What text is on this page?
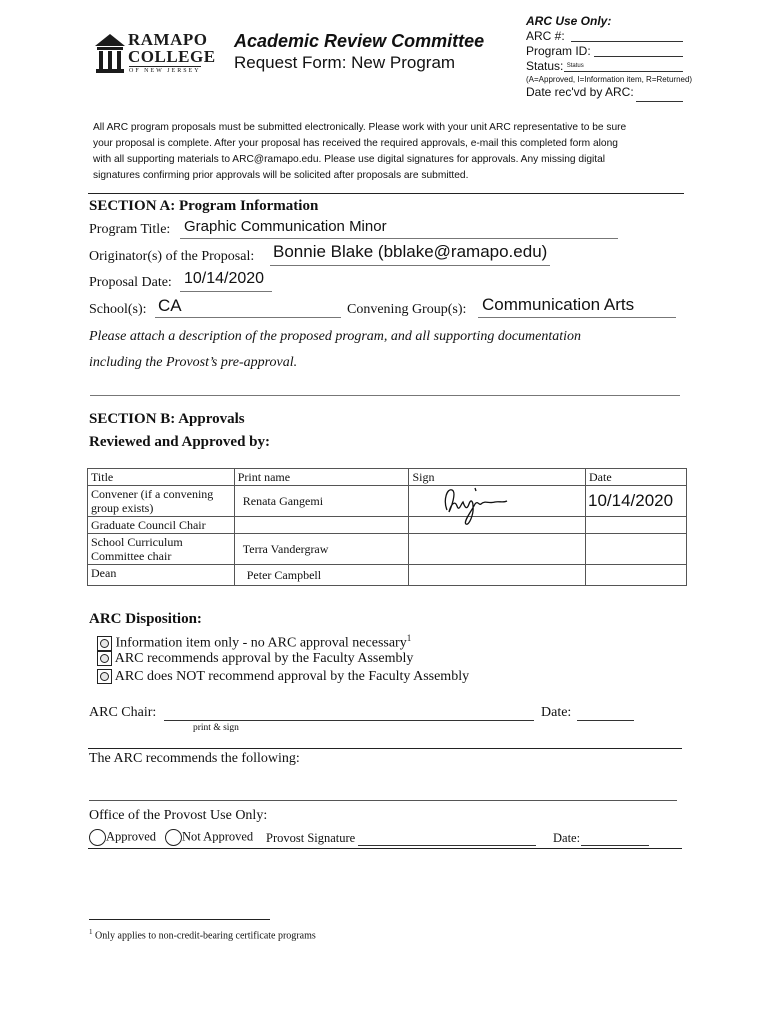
RAMAPO
COLLEGE
OF NEW JERSEY
Academic Review Committee
Request Form: New Program
ARC Use Only:
ARC #:
Program ID:
Status: $^{Status}$
(A=Approved, I=Information item, R=Returned)
Date rec'vd by ARC:
All ARC program proposals must be submitted electronically. Please work with your unit ARC representative to be sure
your proposal is complete. After your proposal has received the required approvals, e-mail this completed form along
with all supporting materials to ARC@ramapo.edu. Please use digital signatures for approvals. Any missing digital
signatures confirming prior approvals will be solicited after proposals are submitted.
SECTION A: Program Information
Program Title: Graphic Communication Minor
Originator(s) of the Proposal: Bonnie Blake (bblake@ramapo.edu)
Proposal Date: 10/14/2020
School(s): CA	Convening Group(s): Communication Arts
Please attach a description of the proposed program, and all supporting documentation
including the Provost’s pre-approval.
SECTION B: Approvals
Reviewed and Approved by:
Title	Print name	Sign	Date
Convener (if a convening group exists)	Renata Gangemi		10/14/2020
Graduate Council Chair			
School Curriculum Committee chair	Terra Vandergraw		
Dean	Peter Campbell		
ARC Disposition:
Information item only - no ARC approval necessary$^1$
ARC recommends approval by the Faculty Assembly
ARC does NOT recommend approval by the Faculty Assembly
ARC Chair:
print & sign
Date:
The ARC recommends the following:
Office of the Provost Use Only:
Approved	Not Approved Provost Signature	Date:
$^1$ Only applies to non-credit-bearing certificate programs
